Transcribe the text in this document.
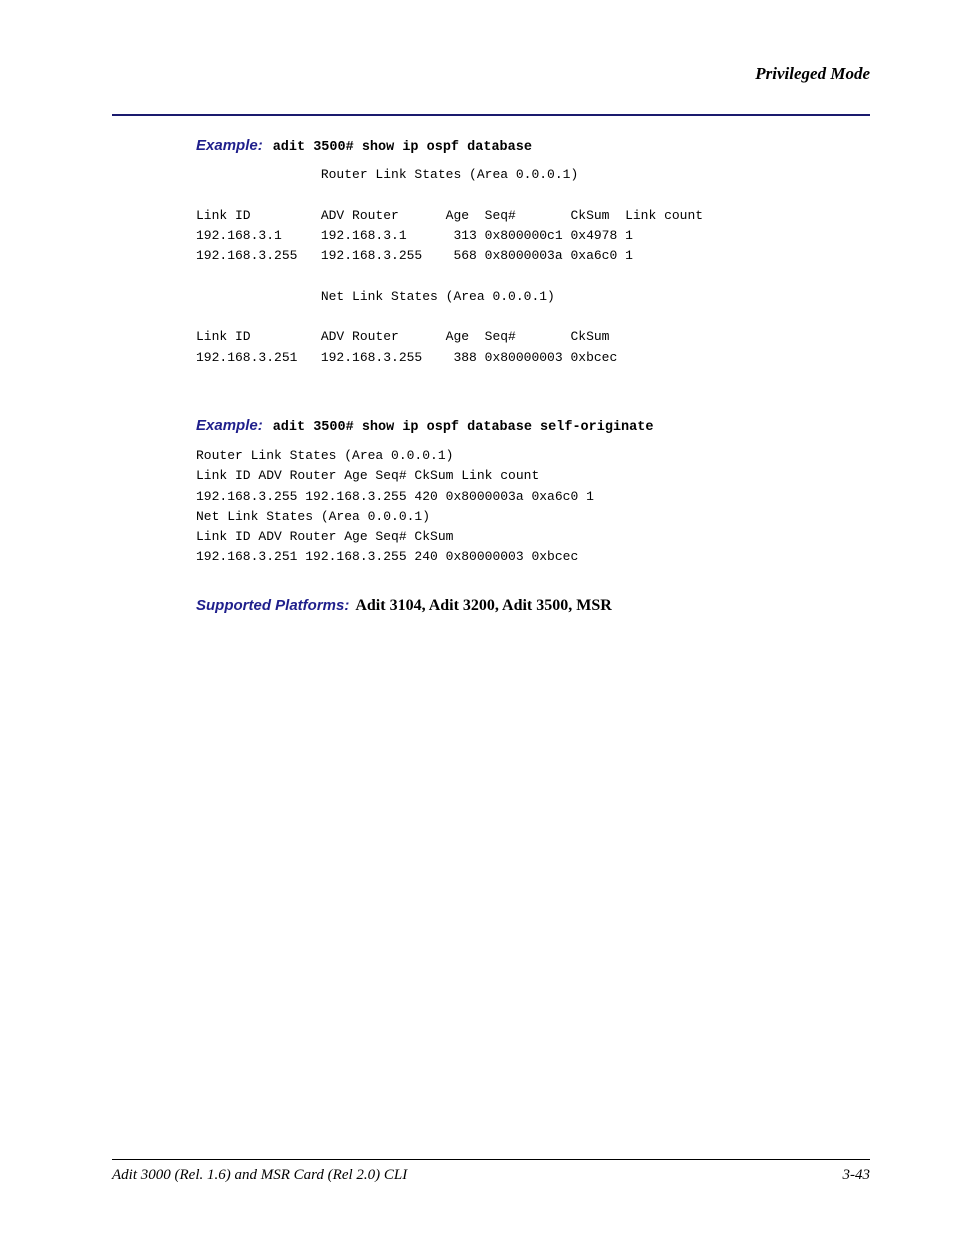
Privileged Mode
Example: adit 3500# show ip ospf database
Router Link States (Area 0.0.0.1)

Link ID         ADV Router      Age  Seq#       CkSum  Link count
192.168.3.1     192.168.3.1      313 0x800000c1 0x4978 1
192.168.3.255   192.168.3.255    568 0x8000003a 0xa6c0 1

Net Link States (Area 0.0.0.1)

Link ID         ADV Router      Age  Seq#       CkSum
192.168.3.251   192.168.3.255    388 0x80000003 0xbcec
Example: adit 3500# show ip ospf database self-originate
Router Link States (Area 0.0.0.1)
Link ID ADV Router Age Seq# CkSum Link count
192.168.3.255 192.168.3.255 420 0x8000003a 0xa6c0 1
Net Link States (Area 0.0.0.1)
Link ID ADV Router Age Seq# CkSum
192.168.3.251 192.168.3.255 240 0x80000003 0xbcec
Supported Platforms: Adit 3104, Adit 3200, Adit 3500, MSR
Adit 3000 (Rel. 1.6) and MSR Card (Rel 2.0) CLI	3-43
